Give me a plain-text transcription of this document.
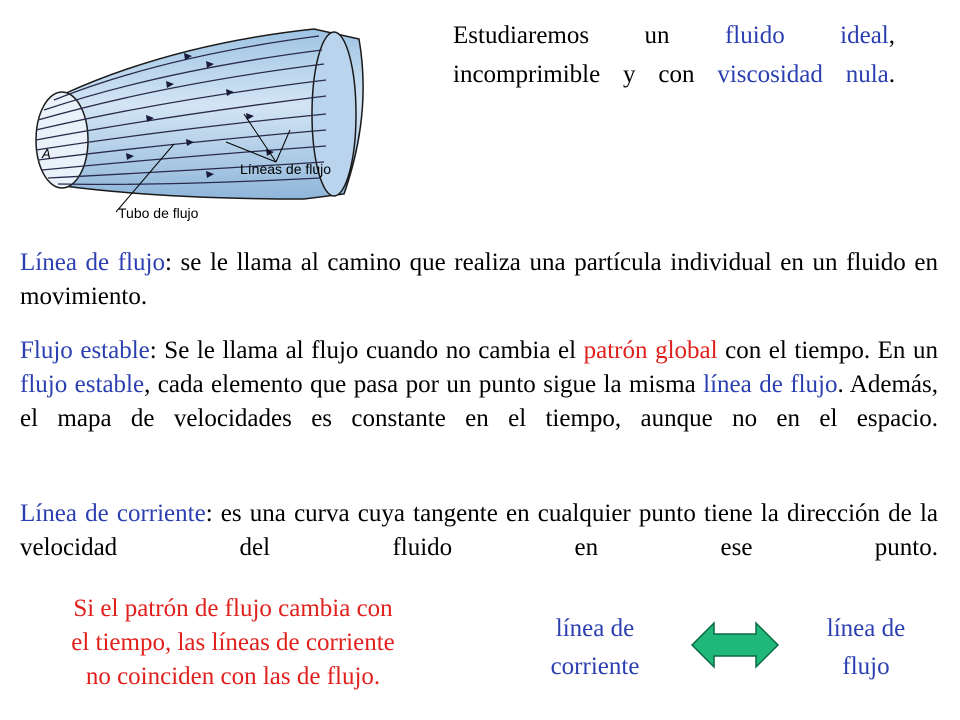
A
Líneas de flujo
Tubo de flujo
Estudiaremos un fluido ideal, incomprimible y con viscosidad nula.
Línea de flujo: se le llama al camino que realiza una partícula individual en un fluido en movimiento.
Flujo estable: Se le llama al flujo cuando no cambia el patrón global con el tiempo. En un flujo estable, cada elemento que pasa por un punto sigue la misma línea de flujo. Además, el mapa de velocidades es constante en el tiempo, aunque no en el espacio.
Línea de corriente: es una curva cuya tangente en cualquier punto tiene la dirección de la velocidad del fluido en ese punto.
Si el patrón de flujo cambia con
el tiempo, las líneas de corriente
no coinciden con las de flujo.
línea de
corriente
línea de
flujo
